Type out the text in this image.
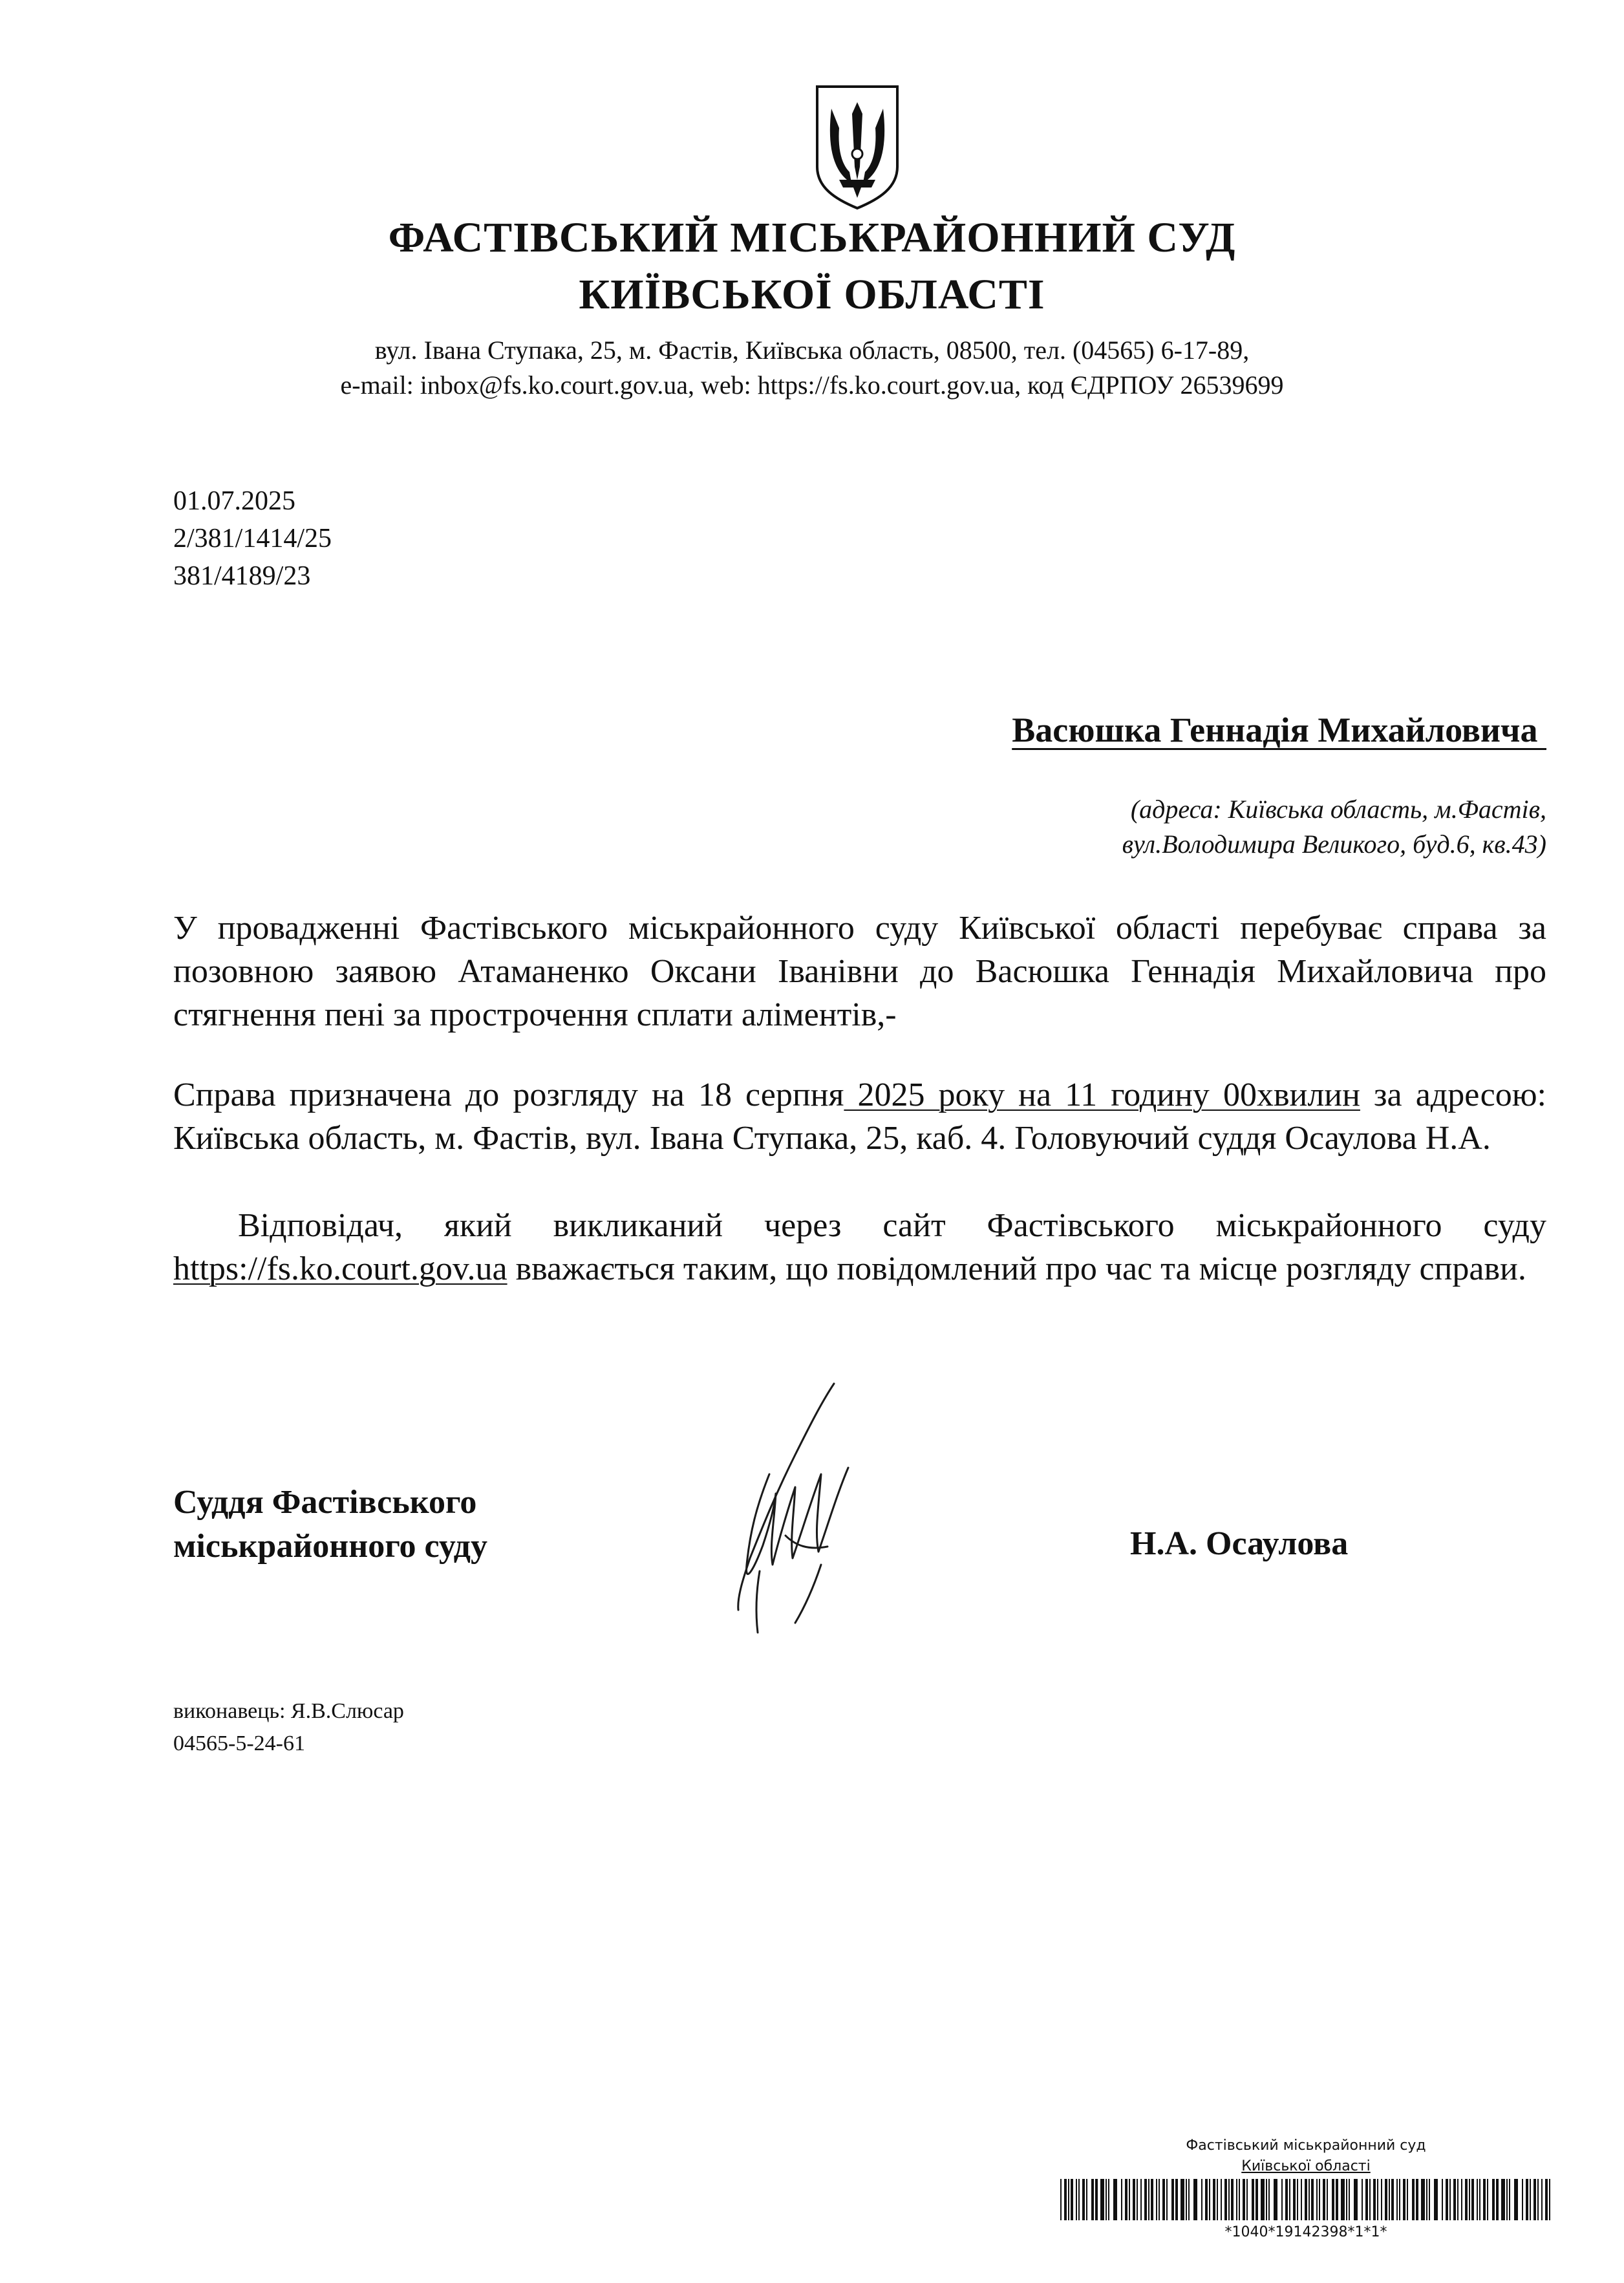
ФАСТІВСЬКИЙ МІСЬКРАЙОННИЙ СУД
КИЇВСЬКОЇ ОБЛАСТІ
вул. Івана Ступака, 25, м. Фастів, Київська область, 08500, тел. (04565) 6-17-89,
e-mail: inbox@fs.ko.court.gov.ua, web: https://fs.ko.court.gov.ua, код ЄДРПОУ 26539699
01.07.2025
2/381/1414/25
381/4189/23
Васюшка Геннадія Михайловича
(адреса: Київська область, м.Фастів,
вул.Володимира Великого, буд.6, кв.43)
У провадженні Фастівського міськрайонного суду Київської області перебуває справа за позовною заявою Атаманенко Оксани Іванівни до Васюшка Геннадія Михайловича про стягнення пені за прострочення сплати аліментів,-
Справа призначена до розгляду на 18 серпня 2025 року на 11 годину 00хвилин за адресою: Київська область, м. Фастів, вул. Івана Ступака, 25, каб. 4. Головуючий суддя Осаулова Н.А.
Відповідач, який викликаний через сайт Фастівського міськрайонного суду https://fs.ko.court.gov.ua вважається таким, що повідомлений про час та місце розгляду справи.
Суддя Фастівського
міськрайонного суду	Н.А. Осаулова
виконавець: Я.В.Слюсар
04565-5-24-61
Фастівський міськрайонний суд
Київської області
*1040*19142398*1*1*
